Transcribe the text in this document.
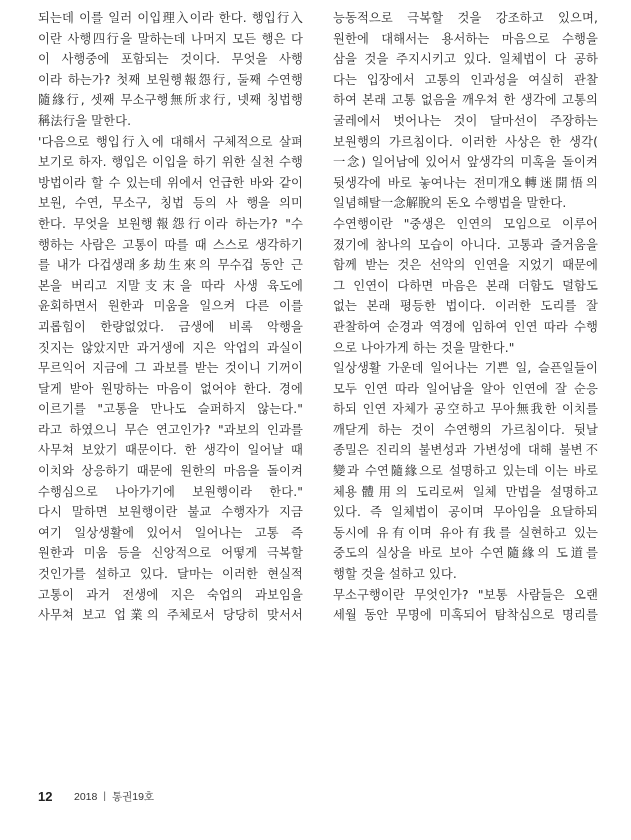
되는데 이를 일러 이입理入이라 한다. 행입行入
이란 사행四行을 말하는데 나머지 모든 행은 다
이 사행중에 포함되는 것이다. 무엇을 사행
이라 하는가? 첫째 보원행報怨行, 둘째 수연행
隨緣行, 셋째 무소구행無所求行, 넷째 칭법행
稱法行을 말한다.
'다음으로 행입行入에 대해서 구체적으로 살펴
보기로 하자. 행입은 이입을 하기 위한 실천 수행
방법이라 할 수 있는데 위에서 언급한 바와 같이
보원, 수연, 무소구, 칭법 등의 사 행을 의미
한다. 무엇을 보원행報怨行이라 하는가? "수
행하는 사람은 고통이 따를 때 스스로 생각하기
를 내가 다겁생래多劫生來의 무수겁 동안 근
본을 버리고 지말支末을 따라 사생 육도에
윤회하면서 원한과 미움을 일으켜 다른 이를
괴롭힘이 한량없었다. 금생에 비록 악행을
짓지는 않았지만 과거생에 지은 악업의 과실이
무르익어 지금에 그 과보를 받는 것이니 기꺼이
달게 받아 원망하는 마음이 없어야 한다. 경에
이르기를 "고통을 만나도 슬퍼하지 않는다."
라고 하였으니 무슨 연고인가? "과보의 인과를
사무쳐 보았기 때문이다. 한 생각이 일어날 때
이치와 상응하기 때문에 원한의 마음을 돌이켜
수행심으로 나아가기에 보원행이라 한다."
다시 말하면 보원행이란 불교 수행자가 지금
여기 일상생활에 있어서 일어나는 고통 즉
원한과 미움 등을 신앙적으로 어떻게 극복할
것인가를 설하고 있다. 달마는 이러한 현실적
고통이 과거 전생에 지은 숙업의 과보임을
사무쳐 보고 업業의 주체로서 당당히 맞서서
능동적으로 극복할 것을 강조하고 있으며,
원한에 대해서는 용서하는 마음으로 수행을
삼을 것을 주지시키고 있다. 일체법이 다 공하
다는 입장에서 고통의 인과성을 여실히 관찰
하여 본래 고통 없음을 깨우쳐 한 생각에 고통의
굴레에서 벗어나는 것이 달마선이 주장하는
보원행의 가르침이다. 이러한 사상은 한 생각(
一念) 일어남에 있어서 앞생각의 미혹을 돌이켜
뒷생각에 바로 놓여나는 전미개오轉迷開悟의
일념해탈一念解脫의 돈오 수행법을 말한다.
수연행이란 "중생은 인연의 모임으로 이루어
졌기에 참나의 모습이 아니다. 고통과 즐거움을
함께 받는 것은 선악의 인연을 지었기 때문에
그 인연이 다하면 마음은 본래 더함도 덜함도
없는 본래 평등한 법이다. 이러한 도리를 잘
관찰하여 순경과 역경에 임하여 인연 따라 수행
으로 나아가게 하는 것을 말한다."
일상생활 가운데 일어나는 기쁜 일, 슬픈일들이
모두 인연 따라 일어남을 알아 인연에 잘 순응
하되 인연 자체가 공空하고 무아無我한 이치를
깨닫게 하는 것이 수연행의 가르침이다. 뒷날
종밀은 진리의 불변성과 가변성에 대해 불변不
變과 수연隨緣으로 설명하고 있는데 이는 바로
체용體用의 도리로써 일체 만법을 설명하고
있다. 즉 일체법이 공이며 무아임을 요달하되
동시에 유有이며 유아有我를 실현하고 있는
중도의 실상을 바로 보아 수연隨緣의 도道를
행할 것을 설하고 있다.
무소구행이란 무엇인가? "보통 사람들은 오랜
세월 동안 무명에 미혹되어 탐착심으로 명리를
12	2018 | 통권19호
